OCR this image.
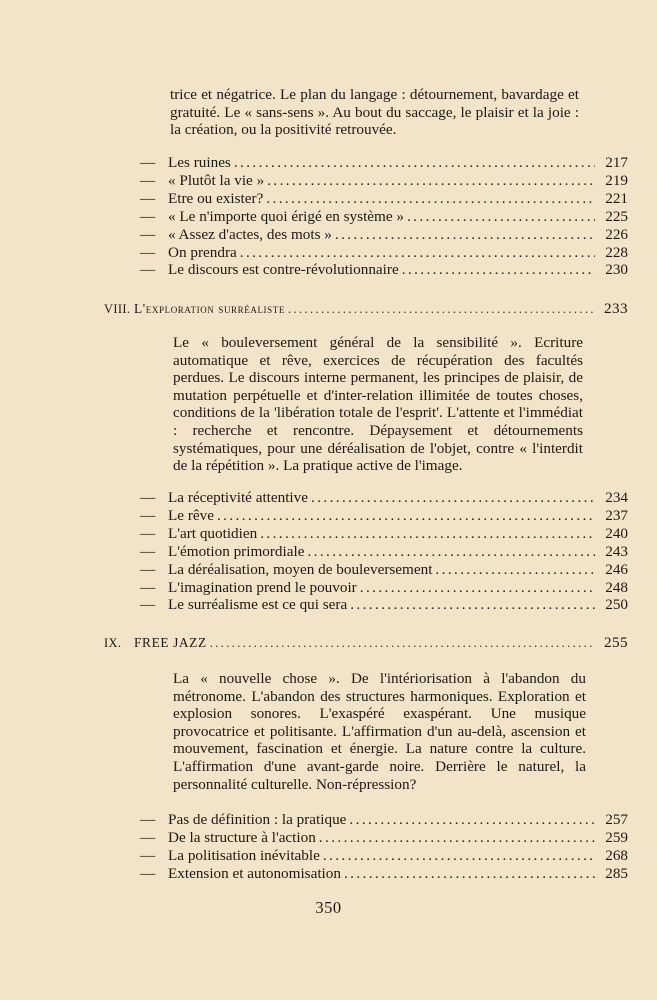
trice et négatrice. Le plan du langage : détournement, bavardage et gratuité. Le « sans-sens ». Au bout du saccage, le plaisir et la joie : la création, ou la positivité retrouvée.

— Les ruines .....	217
— « Plutôt la vie » .....	219
— Etre ou exister? .....	221
— « Le n'importe quoi érigé en système » .....	225
— « Assez d'actes, des mots » .....	226
— On prendra .....	228
— Le discours est contre-révolutionnaire .....	230
VIII. L'exploration surréaliste .....	233

Le « bouleversement général de la sensibilité ». Ecriture automatique et rêve, exercices de récupération des facultés perdues. Le discours interne permanent, les principes de plaisir, de mutation perpétuelle et d'inter-relation illimitée de toutes choses, conditions de la 'libération totale de l'esprit'. L'attente et l'immédiat : recherche et rencontre. Dépaysement et détournements systématiques, pour une déréalisation de l'objet, contre « l'interdit de la répétition ». La pratique active de l'image.

— La réceptivité attentive .....	234
— Le rêve .....	237
— L'art quotidien .....	240
— L'émotion primordiale .....	243
— La déréalisation, moyen de bouleversement .....	246
— L'imagination prend le pouvoir .....	248
— Le surréalisme est ce qui sera .....	250
IX. FREE JAZZ .....	255

La « nouvelle chose ». De l'intériorisation à l'abandon du métronome. L'abandon des structures harmoniques. Exploration et explosion sonores. L'exaspéré exaspérant. Une musique provocatrice et politisante. L'affirmation d'un au-delà, ascension et mouvement, fascination et énergie. La nature contre la culture. L'affirmation d'une avant-garde noire. Derrière le naturel, la personnalité culturelle. Non-répression?

— Pas de définition : la pratique .....	257
— De la structure à l'action .....	259
— La politisation inévitable .....	268
— Extension et autonomisation .....	285
350
